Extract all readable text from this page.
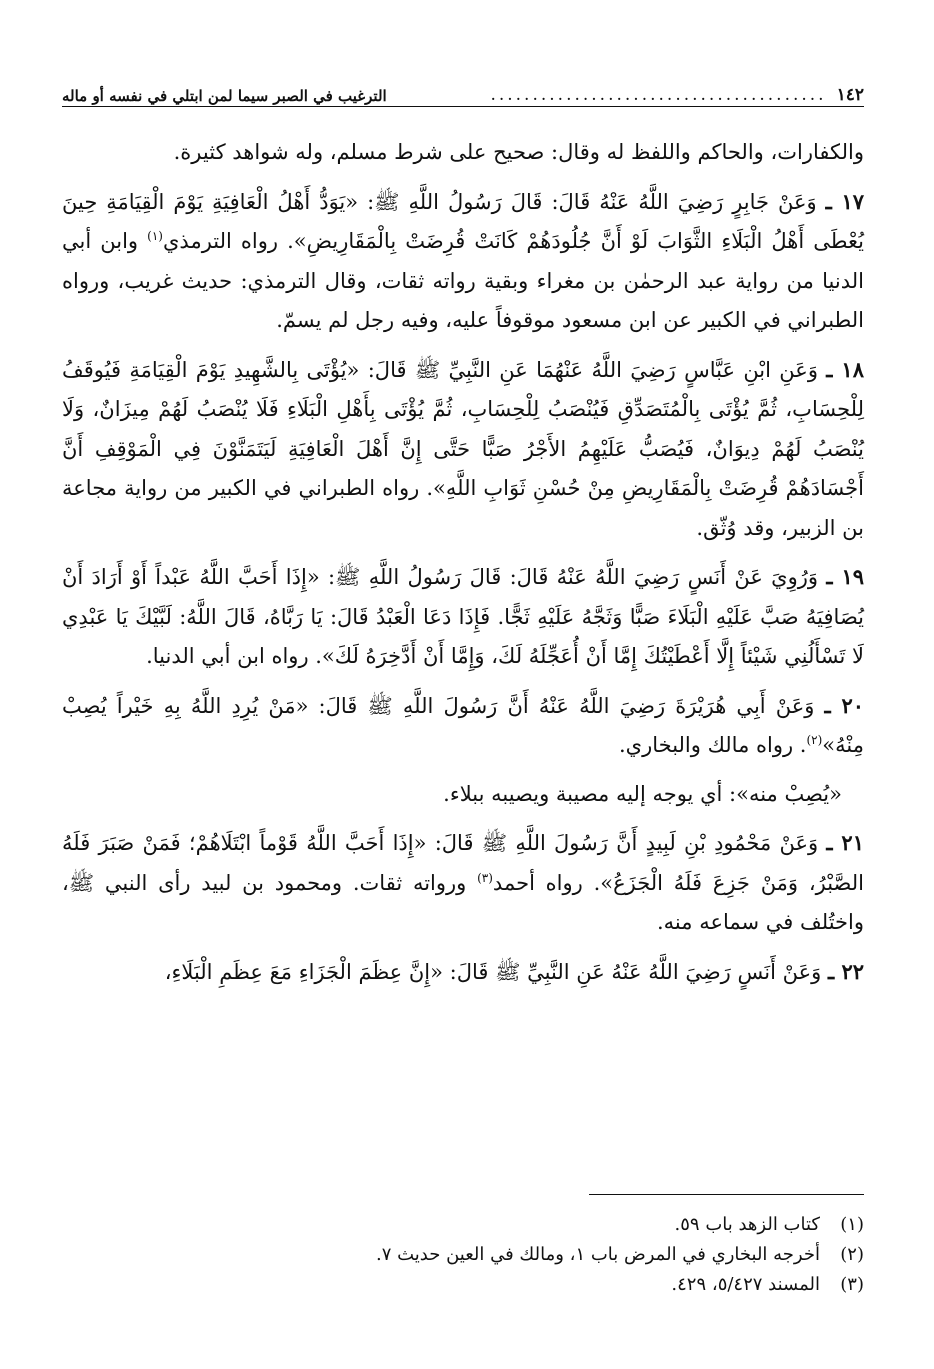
١٤٢
........................................
الترغيب في الصبر سيما لمن ابتلي في نفسه أو ماله

والكفارات، والحاكم واللفظ له وقال: صحيح على شرط مسلم، وله شواهد كثيرة.

١٧ ـ وَعَنْ جَابِرٍ رَضِيَ اللَّهُ عَنْهُ قَالَ: قَالَ رَسُولُ اللَّهِ ﷺ: «يَوَدُّ أَهْلُ الْعَافِيَةِ يَوْمَ الْقِيَامَةِ حِينَ يُعْطَى أَهْلُ الْبَلَاءِ الثَّوَابَ لَوْ أَنَّ جُلُودَهُمْ كَانَتْ قُرِضَتْ بِالْمَقَارِيضِ». رواه الترمذي$^{(١)}$ وابن أبي الدنيا من رواية عبد الرحمٰن بن مغراء وبقية رواته ثقات، وقال الترمذي: حديث غريب، ورواه الطبراني في الكبير عن ابن مسعود موقوفاً عليه، وفيه رجل لم يسمّ.

١٨ ـ وَعَنِ ابْنِ عَبَّاسٍ رَضِيَ اللَّهُ عَنْهُمَا عَنِ النَّبِيِّ ﷺ قَالَ: «يُؤْتَى بِالشَّهِيدِ يَوْمَ الْقِيَامَةِ فَيُوقَفُ لِلْحِسَابِ، ثُمَّ يُؤْتَى بِالْمُتَصَدِّقِ فَيُنْصَبُ لِلْحِسَابِ، ثُمَّ يُؤْتَى بِأَهْلِ الْبَلَاءِ فَلَا يُنْصَبُ لَهُمْ مِيزَانٌ، وَلَا يُنْصَبُ لَهُمْ دِيوَانٌ، فَيُصَبُّ عَلَيْهِمُ الأَجْرُ صَبًّا حَتَّى إِنَّ أَهْلَ الْعَافِيَةِ لَيَتَمَنَّوْنَ فِي الْمَوْقِفِ أَنَّ أَجْسَادَهُمْ قُرِضَتْ بِالْمَقَارِيضِ مِنْ حُسْنِ ثَوَابِ اللَّهِ». رواه الطبراني في الكبير من رواية مجاعة بن الزبير، وقد وُثّق.

١٩ ـ وَرُوِيَ عَنْ أَنَسٍ رَضِيَ اللَّهُ عَنْهُ قَالَ: قَالَ رَسُولُ اللَّهِ ﷺ: «إِذَا أَحَبَّ اللَّهُ عَبْداً أَوْ أَرَادَ أَنْ يُصَافِيَهُ صَبَّ عَلَيْهِ الْبَلَاءَ صَبًّا وَثَجَّهُ عَلَيْهِ ثَجًّا. فَإِذَا دَعَا الْعَبْدُ قَالَ: يَا رَبَّاهُ، قَالَ اللَّهُ: لَبَّيْكَ يَا عَبْدِي لَا تَسْأَلُنِي شَيْئاً إِلَّا أَعْطَيْتُكَ إِمَّا أَنْ أُعَجِّلَهُ لَكَ، وَإِمَّا أَنْ أَدَّخِرَهُ لَكَ». رواه ابن أبي الدنيا.

٢٠ ـ وَعَنْ أَبِي هُرَيْرَةَ رَضِيَ اللَّهُ عَنْهُ أَنَّ رَسُولَ اللَّهِ ﷺ قَالَ: «مَنْ يُرِدِ اللَّهُ بِهِ خَيْراً يُصِبْ مِنْهُ»$^{(٢)}$. رواه مالك والبخاري.

«يُصِبْ منه»: أي يوجه إليه مصيبة ويصيبه ببلاء.

٢١ ـ وَعَنْ مَحْمُودِ بْنِ لَبِيدٍ أَنَّ رَسُولَ اللَّهِ ﷺ قَالَ: «إِذَا أَحَبَّ اللَّهُ قَوْماً ابْتَلَاهُمْ؛ فَمَنْ صَبَرَ فَلَهُ الصَّبْرُ، وَمَنْ جَزِعَ فَلَهُ الْجَزَعُ». رواه أحمد$^{(٣)}$ ورواته ثقات. ومحمود بن لبيد رأى النبي ﷺ، واختُلف في سماعه منه.

٢٢ ـ وَعَنْ أَنَسٍ رَضِيَ اللَّهُ عَنْهُ عَنِ النَّبِيِّ ﷺ قَالَ: «إِنَّ عِظَمَ الْجَزَاءِ مَعَ عِظَمِ الْبَلَاءِ،

(١)
كتاب الزهد باب ٥٩.
(٢)
أخرجه البخاري في المرض باب ١، ومالك في العين حديث ٧.
(٣)
المسند ٥/٤٢٧، ٤٢٩.
